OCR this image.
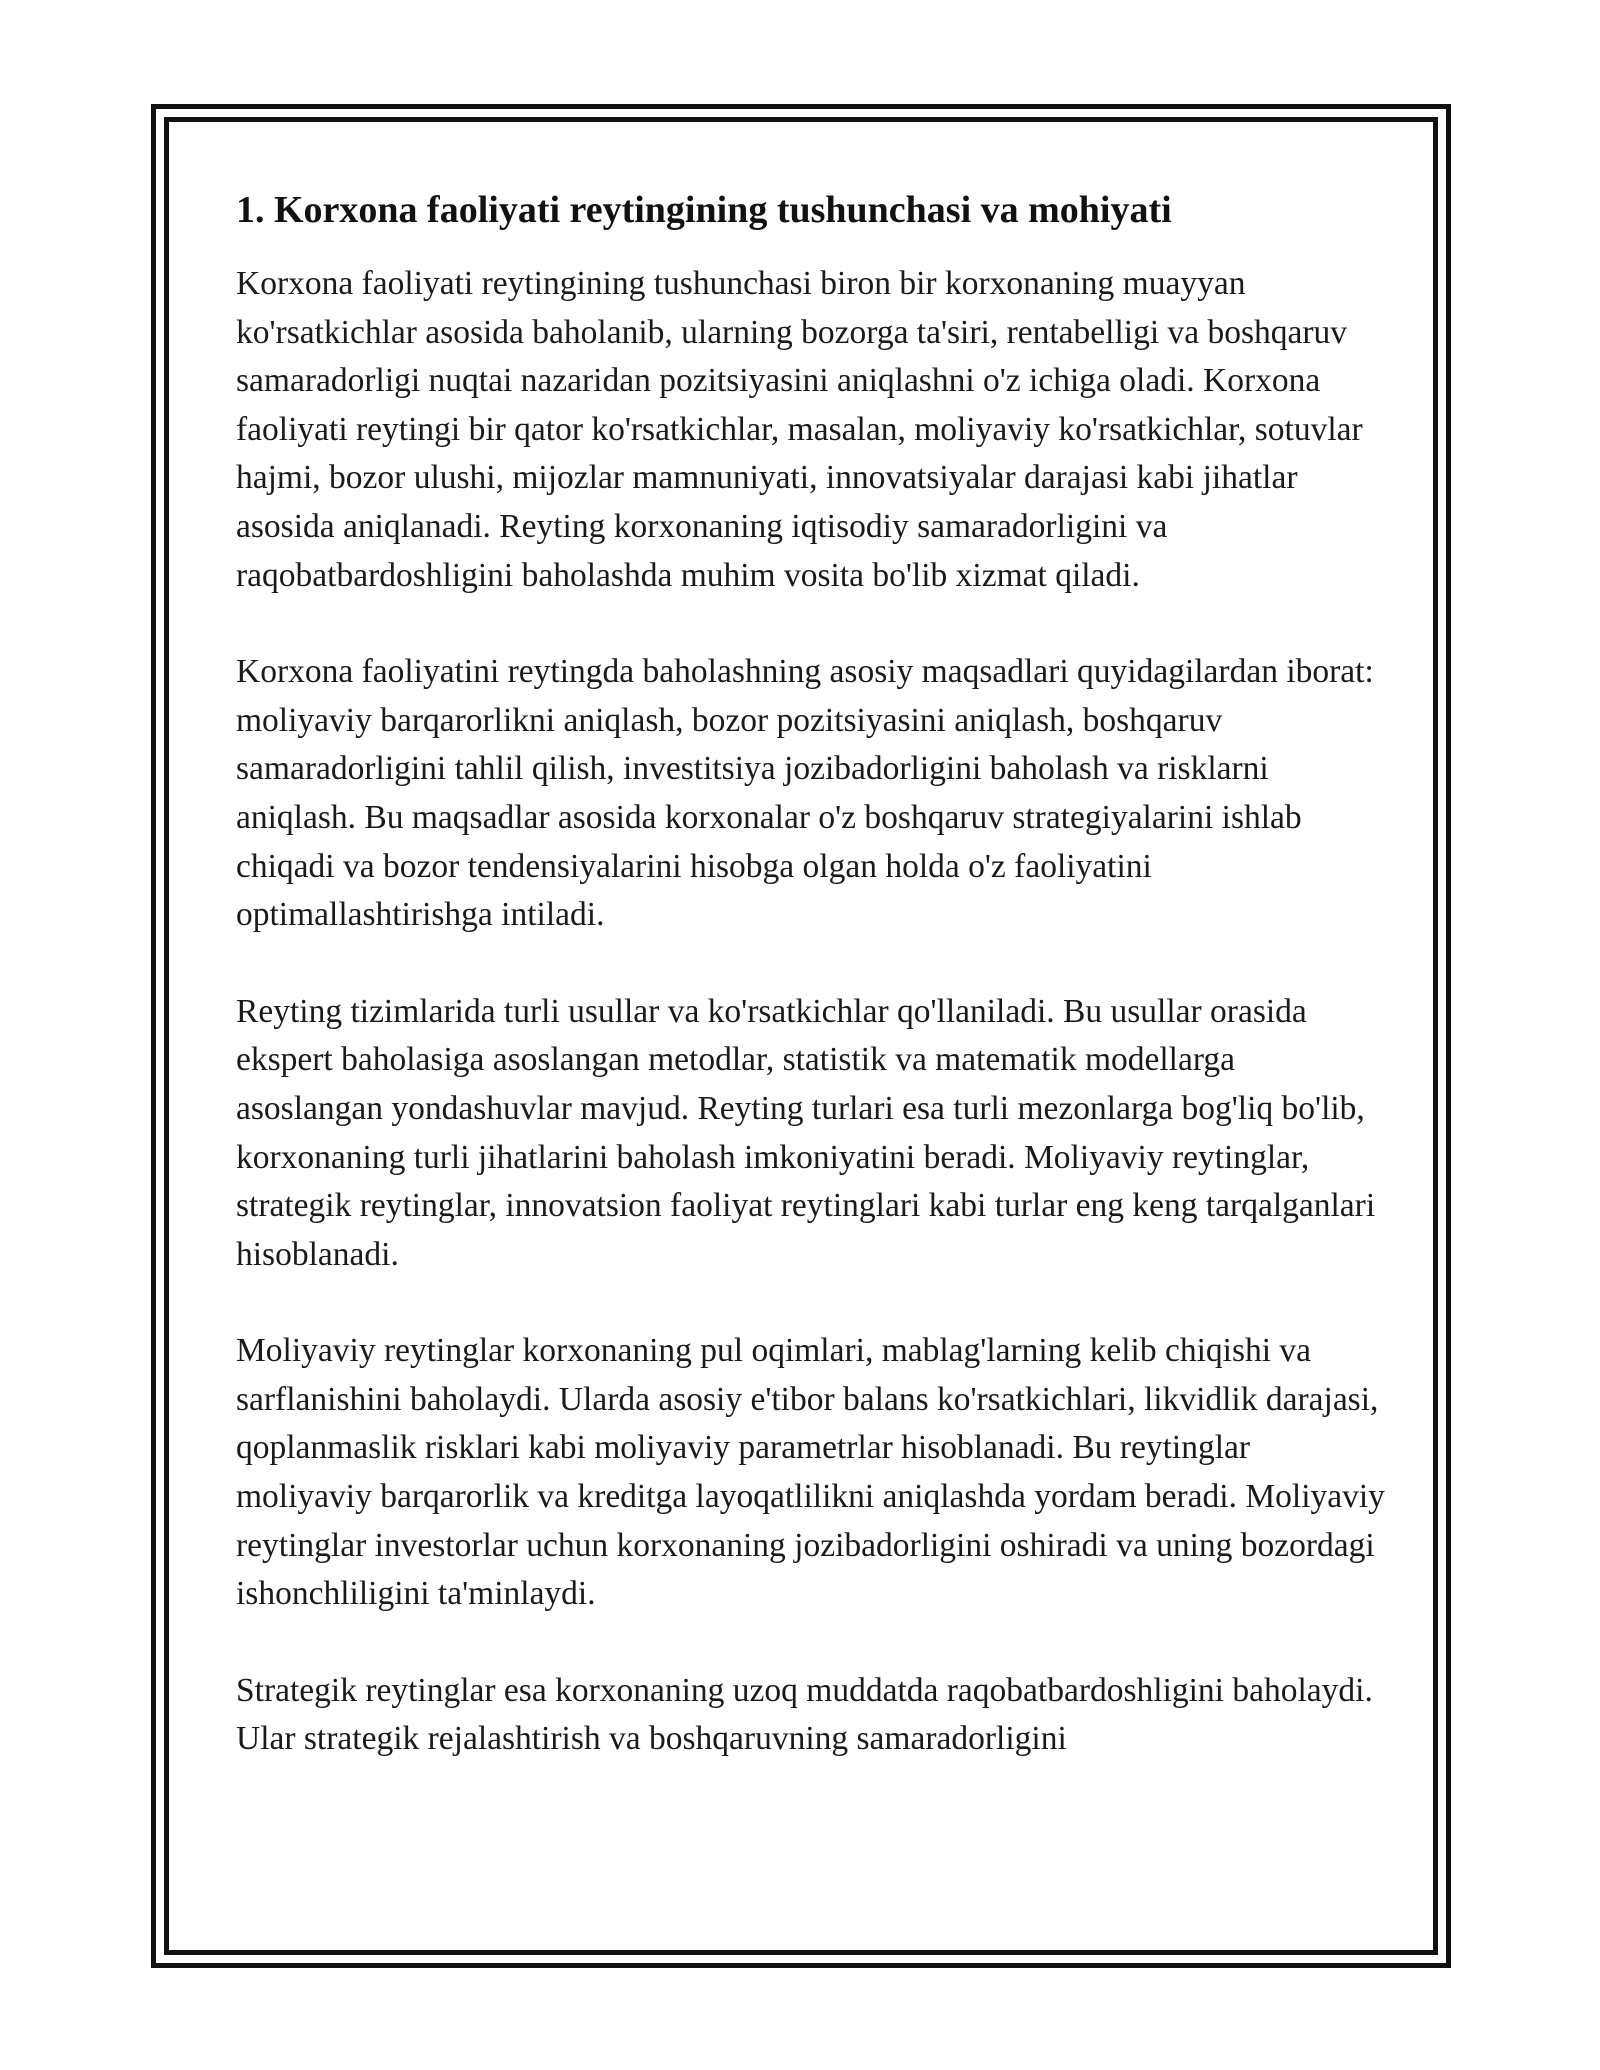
1. Korxona faoliyati reytingining tushunchasi va mohiyati

Korxona faoliyati reytingining tushunchasi biron bir korxonaning muayyan ko'rsatkichlar asosida baholanib, ularning bozorga ta'siri, rentabelligi va boshqaruv samaradorligi nuqtai nazaridan pozitsiyasini aniqlashni o'z ichiga oladi. Korxona faoliyati reytingi bir qator ko'rsatkichlar, masalan, moliyaviy ko'rsatkichlar, sotuvlar hajmi, bozor ulushi, mijozlar mamnuniyati, innovatsiyalar darajasi kabi jihatlar asosida aniqlanadi. Reyting korxonaning iqtisodiy samaradorligini va raqobatbardoshligini baholashda muhim vosita bo'lib xizmat qiladi.

Korxona faoliyatini reytingda baholashning asosiy maqsadlari quyidagilardan iborat: moliyaviy barqarorlikni aniqlash, bozor pozitsiyasini aniqlash, boshqaruv samaradorligini tahlil qilish, investitsiya jozibadorligini baholash va risklarni aniqlash. Bu maqsadlar asosida korxonalar o'z boshqaruv strategiyalarini ishlab chiqadi va bozor tendensiyalarini hisobga olgan holda o'z faoliyatini optimallashtirishga intiladi.

Reyting tizimlarida turli usullar va ko'rsatkichlar qo'llaniladi. Bu usullar orasida ekspert baholasiga asoslangan metodlar, statistik va matematik modellarga asoslangan yondashuvlar mavjud. Reyting turlari esa turli mezonlarga bog'liq bo'lib, korxonaning turli jihatlarini baholash imkoniyatini beradi. Moliyaviy reytinglar, strategik reytinglar, innovatsion faoliyat reytinglari kabi turlar eng keng tarqalganlari hisoblanadi.

Moliyaviy reytinglar korxonaning pul oqimlari, mablag'larning kelib chiqishi va sarflanishini baholaydi. Ularda asosiy e'tibor balans ko'rsatkichlari, likvidlik darajasi, qoplanmaslik risklari kabi moliyaviy parametrlar hisoblanadi. Bu reytinglar moliyaviy barqarorlik va kreditga layoqatlilikni aniqlashda yordam beradi. Moliyaviy reytinglar investorlar uchun korxonaning jozibadorligini oshiradi va uning bozordagi ishonchliligini ta'minlaydi.

Strategik reytinglar esa korxonaning uzoq muddatda raqobatbardoshligini baholaydi. Ular strategik rejalashtirish va boshqaruvning samaradorligini
